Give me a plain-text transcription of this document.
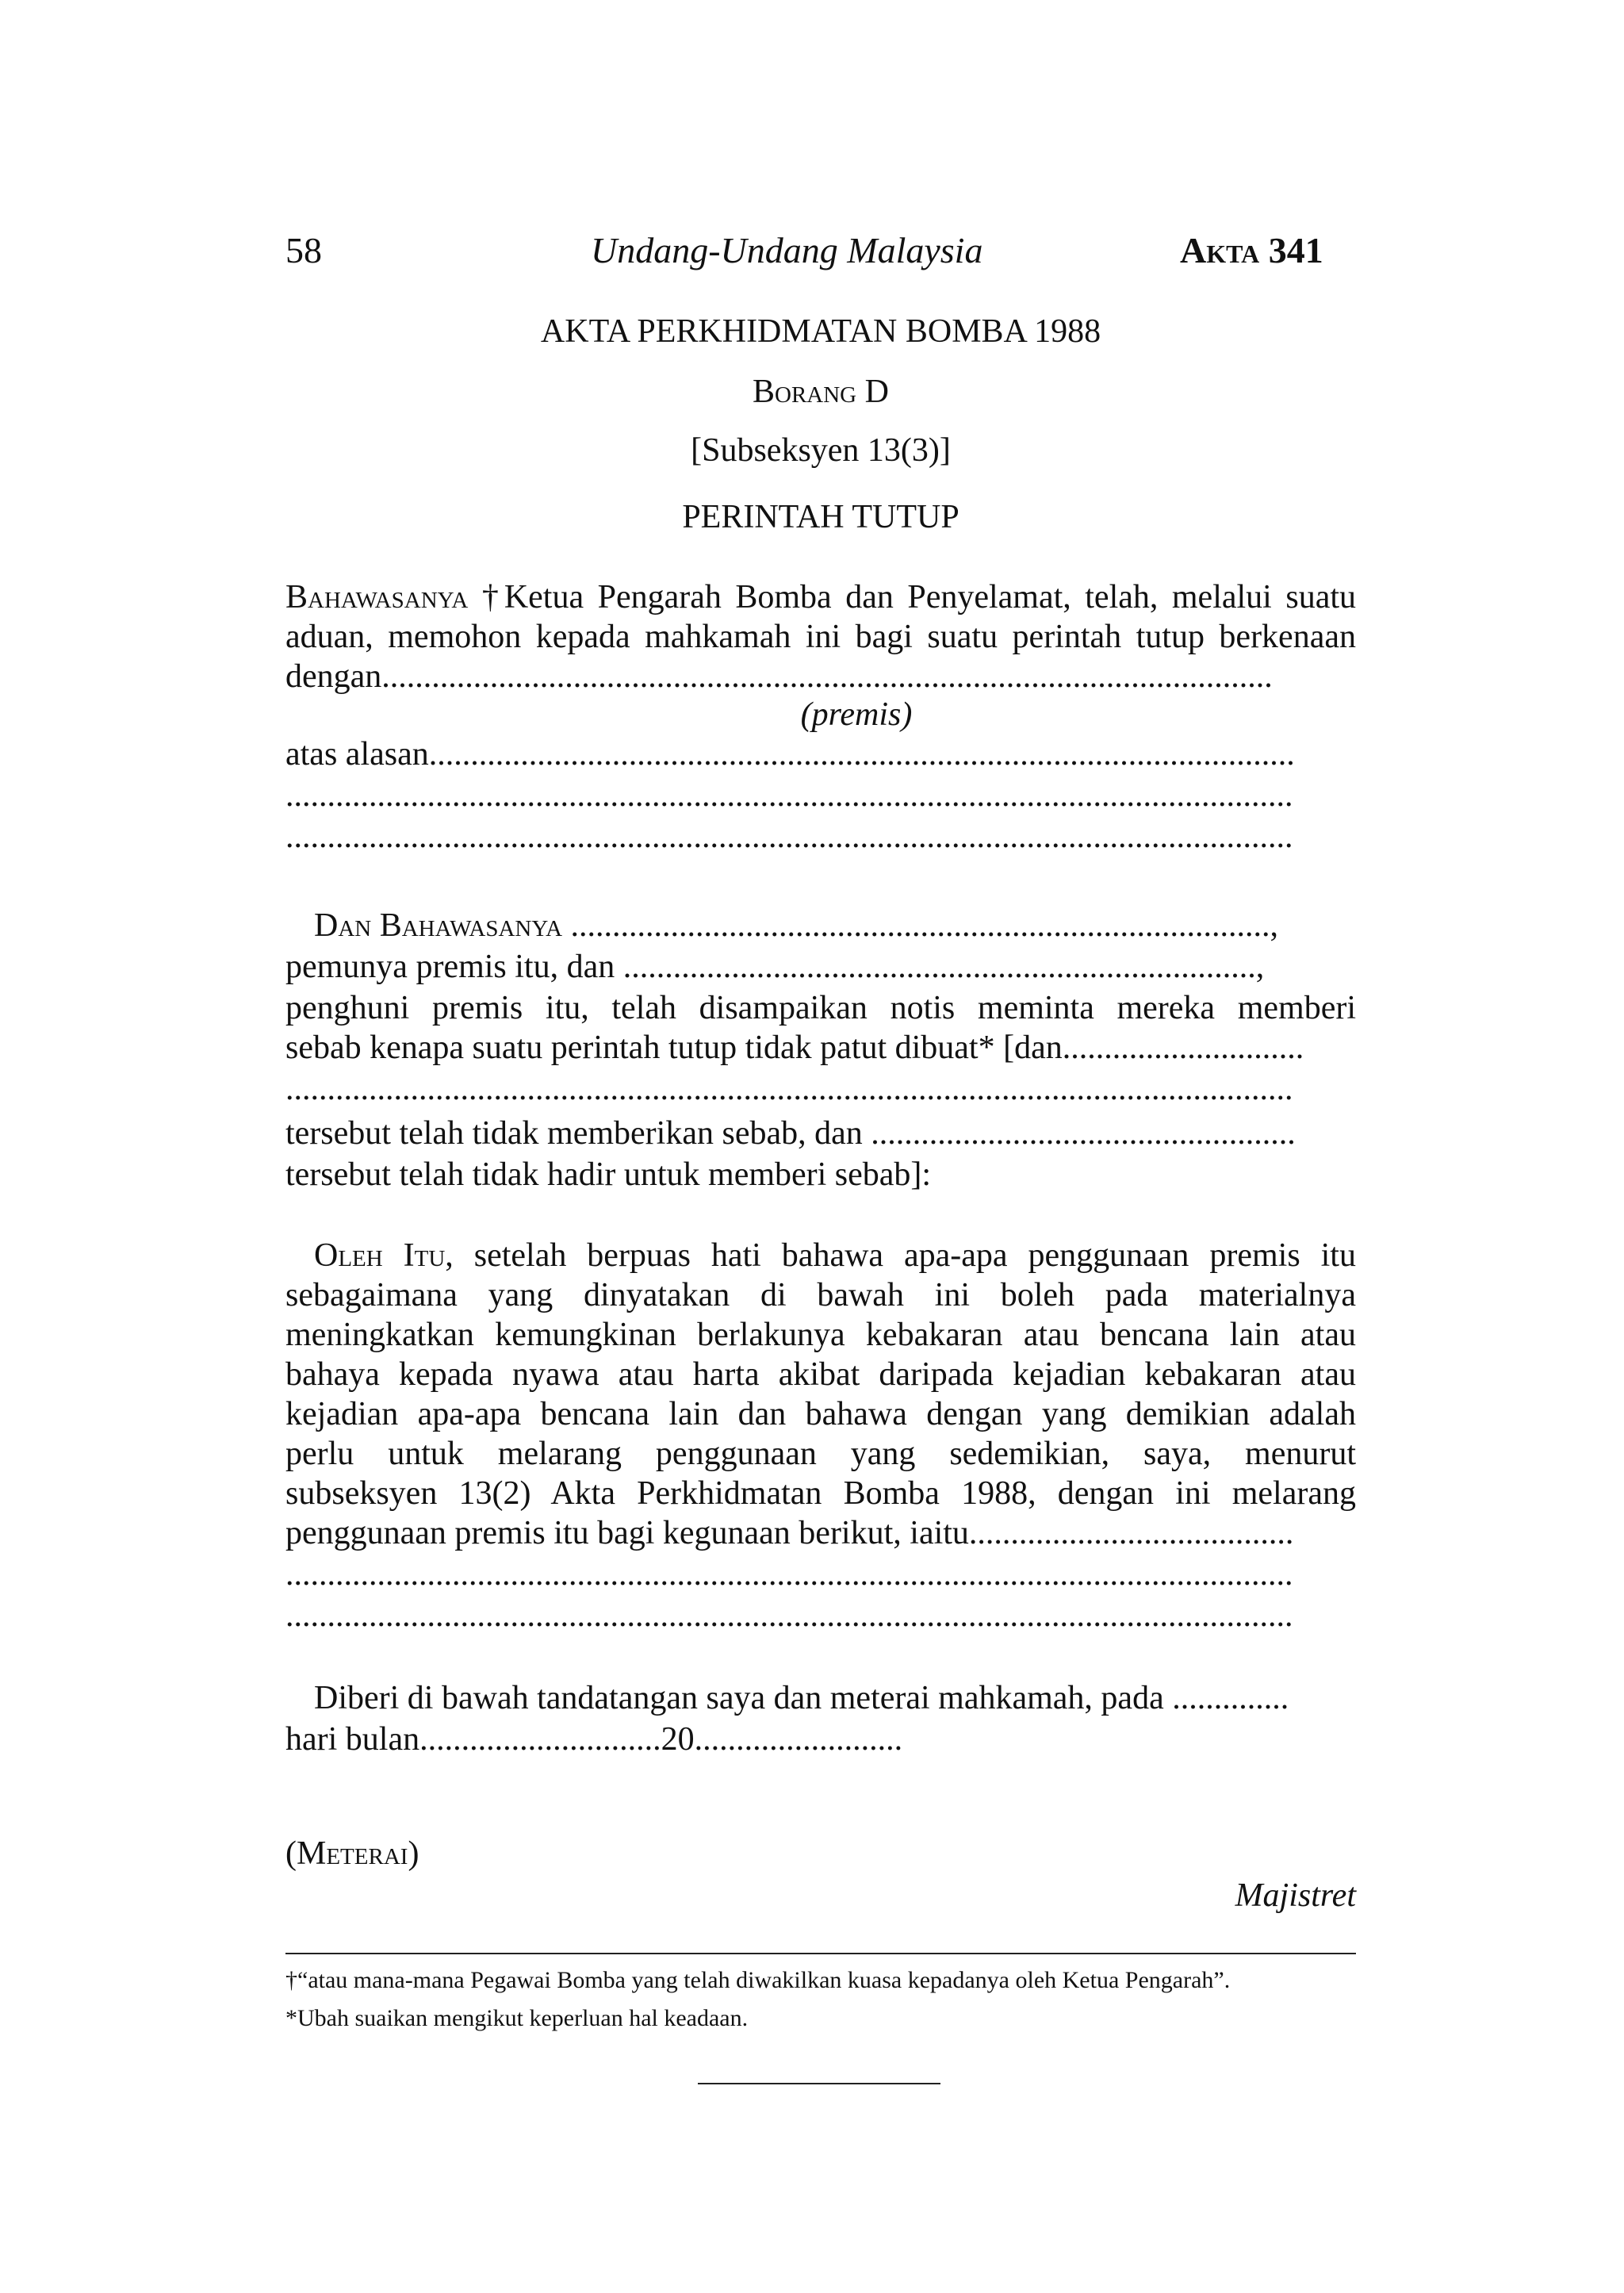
58	Undang-Undang Malaysia	Akta 341
AKTA PERKHIDMATAN BOMBA 1988
Borang D
[Subseksyen 13(3)]
PERINTAH TUTUP
Bahawasanya †Ketua Pengarah Bomba dan Penyelamat, telah, melalui suatu
aduan, memohon kepada mahkamah ini bagi suatu perintah tutup berkenaan
dengan...........................................................................................................
(premis)
atas alasan........................................................................................................
.........................................................................................................................
.........................................................................................................................
Dan Bahawasanya ....................................................................................,
pemunya premis itu, dan ............................................................................,
penghuni premis itu, telah disampaikan notis meminta mereka memberi
sebab kenapa suatu perintah tutup tidak patut dibuat* [dan.............................
.........................................................................................................................
tersebut telah tidak memberikan sebab, dan ...................................................
tersebut telah tidak hadir untuk memberi sebab]:
Oleh Itu, setelah berpuas hati bahawa apa-apa penggunaan premis itu
sebagaimana yang dinyatakan di bawah ini boleh pada materialnya
meningkatkan kemungkinan berlakunya kebakaran atau bencana lain atau
bahaya kepada nyawa atau harta akibat daripada kejadian kebakaran atau
kejadian apa-apa bencana lain dan bahawa dengan yang demikian adalah
perlu untuk melarang penggunaan yang sedemikian, saya, menurut
subseksyen 13(2) Akta Perkhidmatan Bomba 1988, dengan ini melarang
penggunaan premis itu bagi kegunaan berikut, iaitu.......................................
.........................................................................................................................
.........................................................................................................................
Diberi di bawah tandatangan saya dan meterai mahkamah, pada ..............
hari bulan.............................20.........................
(Meterai)
Majistret
†“atau mana-mana Pegawai Bomba yang telah diwakilkan kuasa kepadanya oleh Ketua Pengarah”.
*Ubah suaikan mengikut keperluan hal keadaan.
